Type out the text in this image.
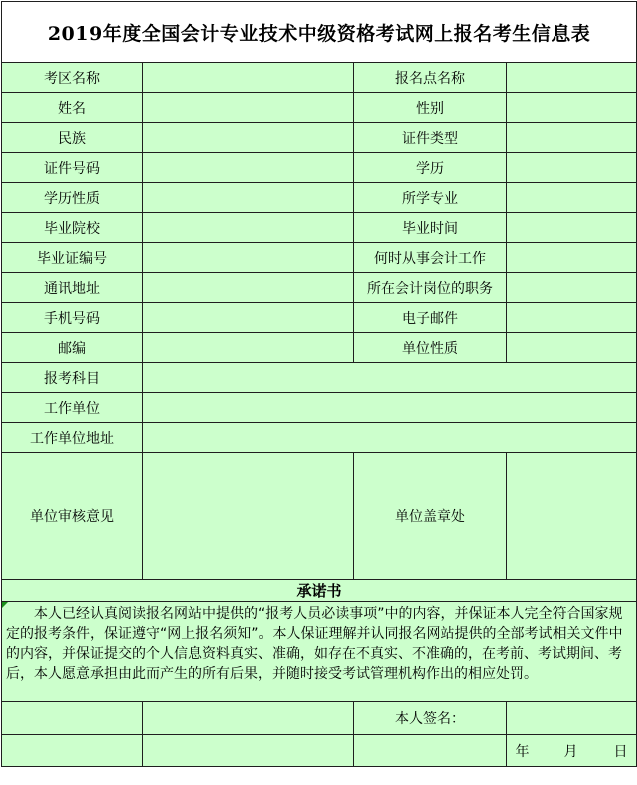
2019年度全国会计专业技术中级资格考试网上报名考生信息表			
考区名称		报名点名称	
姓名		性别	
民族		证件类型	
证件号码		学历	
学历性质		所学专业	
毕业院校		毕业时间	
毕业证编号		何时从事会计工作	
通讯地址		所在会计岗位的职务	
手机号码		电子邮件	
邮编		单位性质	
报考科目			
工作单位			
工作单位地址			
单位审核意见		单位盖章处	
承诺书			

　　本人已经认真阅读报名网站中提供的“报考人员必读事项”中的内容，并保证本人完全符合国家规定的报考条件，保证遵守“网上报名须知”。本人保证理解并认同报名网站提供的全部考试相关文件中的内容，并保证提交的个人信息资料真实、准确，如存在不真实、不准确的，在考前、考试期间、考后，本人愿意承担由此而产生的所有后果，并随时接受考试管理机构作出的相应处罚。			
		本人签名：	
			年 月 日
